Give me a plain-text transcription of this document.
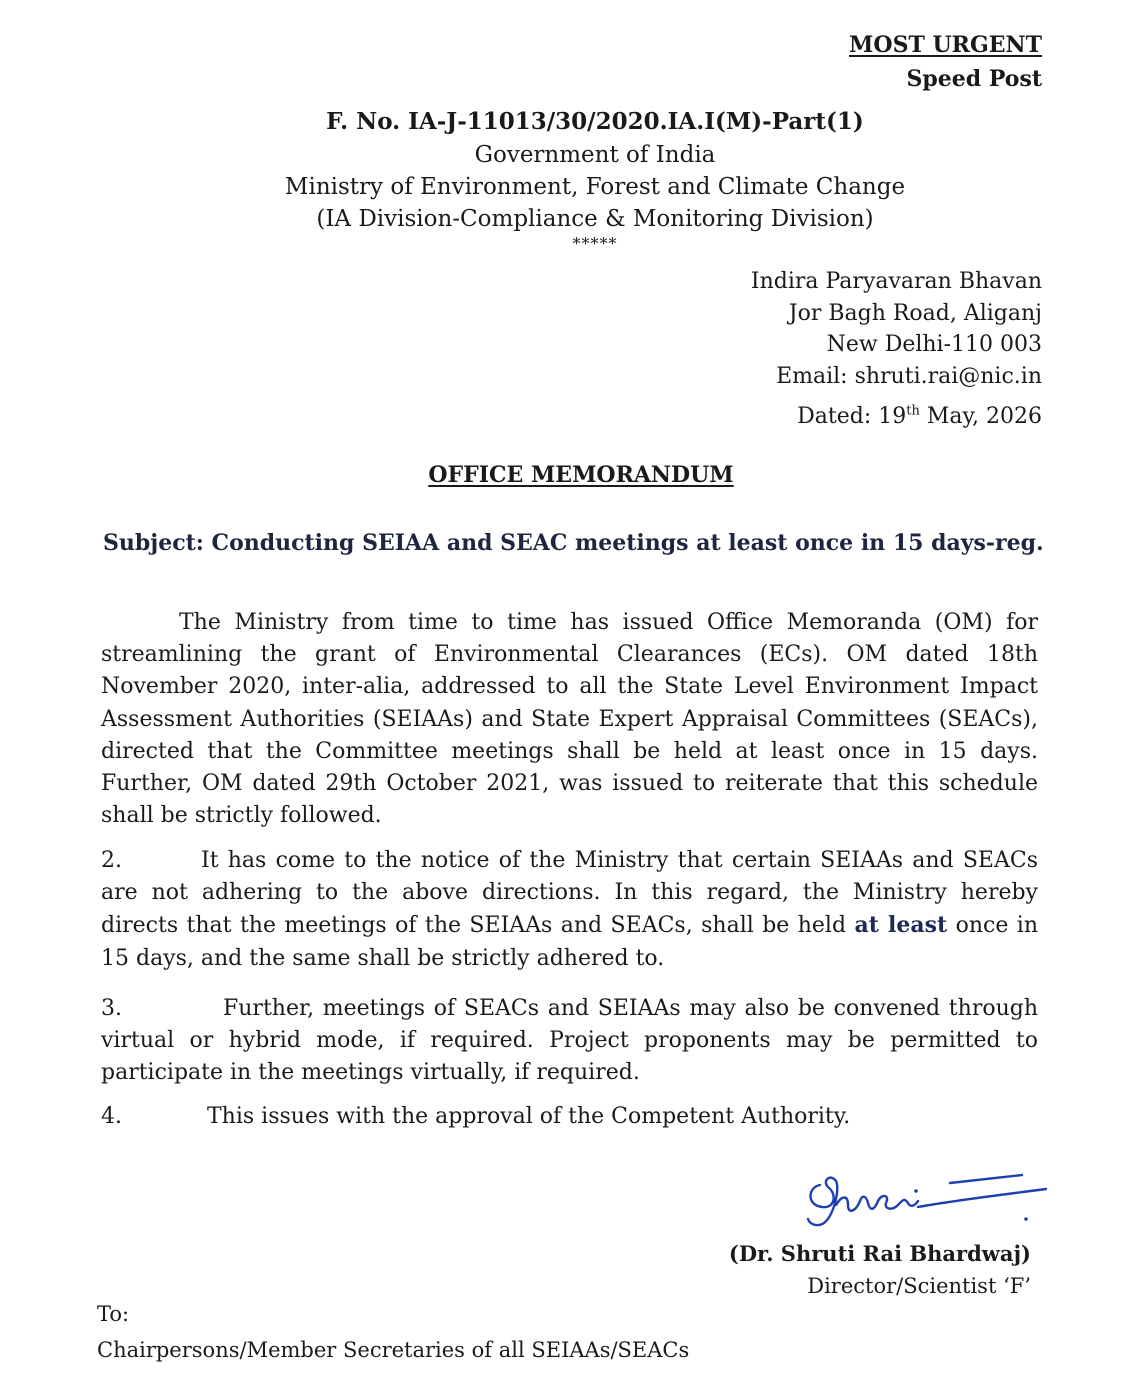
MOST URGENT
Speed Post
F. No. IA-J-11013/30/2020.IA.I(M)-Part(1)
Government of India
Ministry of Environment, Forest and Climate Change
(IA Division-Compliance & Monitoring Division)
*****
Indira Paryavaran Bhavan
Jor Bagh Road, Aliganj
New Delhi-110 003
Email: shruti.rai@nic.in
Dated: 19th May, 2026
OFFICE MEMORANDUM
Subject: Conducting SEIAA and SEAC meetings at least once in 15 days-reg.
The Ministry from time to time has issued Office Memoranda (OM) for streamlining the grant of Environmental Clearances (ECs). OM dated 18th November 2020, inter-alia, addressed to all the State Level Environment Impact Assessment Authorities (SEIAAs) and State Expert Appraisal Committees (SEACs), directed that the Committee meetings shall be held at least once in 15 days. Further, OM dated 29th October 2021, was issued to reiterate that this schedule shall be strictly followed.
2.	It has come to the notice of the Ministry that certain SEIAAs and SEACs are not adhering to the above directions. In this regard, the Ministry hereby directs that the meetings of the SEIAAs and SEACs, shall be held at least once in 15 days, and the same shall be strictly adhered to.
3.	Further, meetings of SEACs and SEIAAs may also be convened through virtual or hybrid mode, if required. Project proponents may be permitted to participate in the meetings virtually, if required.
4.	This issues with the approval of the Competent Authority.
(Dr. Shruti Rai Bhardwaj)
Director/Scientist ‘F’
To:
Chairpersons/Member Secretaries of all SEIAAs/SEACs
